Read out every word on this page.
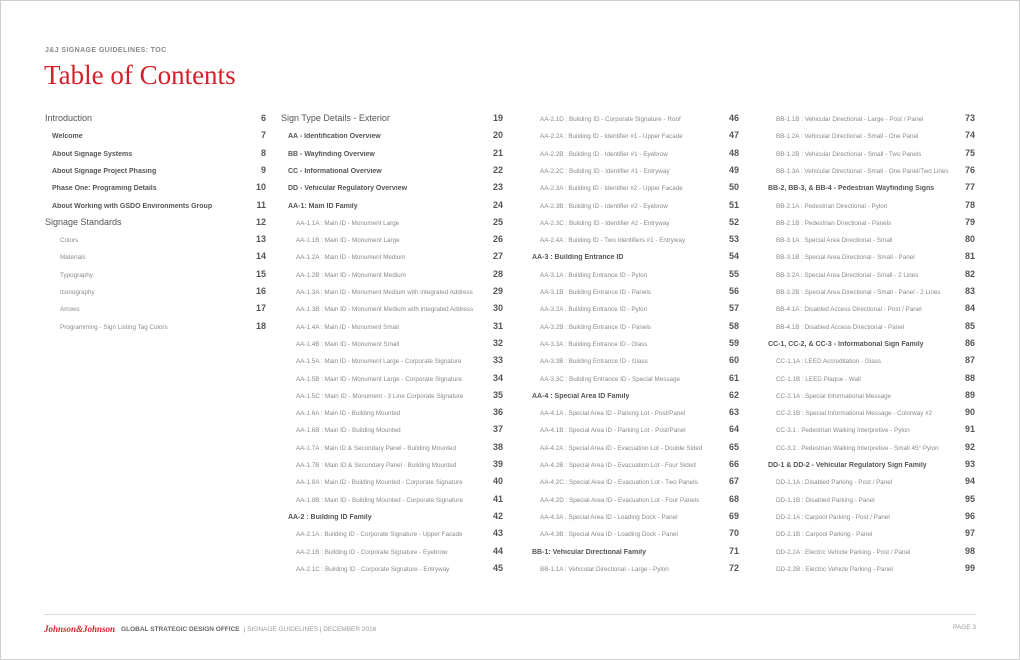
J&J SIGNAGE GUIDELINES: TOC
Table of Contents
Introduction	6
Welcome	7
About Signage Systems	8
About Signage Project Phasing	9
Phase One: Programing Details	10
About Working with GSDO Environments Group	11
Signage Standards	12
Colors	13
Materials	14
Typography	15
Iconography	16
Arrows	17
Programming - Sign Listing Tag Colors	18
Sign Type Details - Exterior	19
AA - Identification Overview	20
BB - Wayfinding Overview	21
CC - Informational Overview	22
DD - Vehicular Regulatory Overview	23
AA-1: Main ID Family	24
AA-1.1A : Main ID - Monument Large	25
AA-1.1B : Main ID - Monument Large	26
AA-1.2A : Main ID - Monument Medium	27
AA-1.2B : Main ID - Monument Medium	28
AA-1.3A : Main ID - Monument Medium with integrated Address	29
AA-1.3B : Main ID - Monument Medium with integrated Address	30
AA-1.4A : Main ID - Monument Small	31
AA-1.4B : Main ID - Monument Small	32
AA-1.5A : Main ID - Monument Large - Corporate Signature	33
AA-1.5B : Main ID - Monument Large - Corporate Signature	34
AA-1.5C : Main ID - Monument - 3 Line Corporate Signature	35
AA-1.6A : Main ID - Building Mounted	36
AA-1.6B : Main ID - Building Mounted	37
AA-1.7A : Main ID & Secondary Panel - Building Mounted	38
AA-1.7B : Main ID & Secondary Panel - Building Mounted	39
AA-1.8A : Main ID - Building Mounted - Corporate Signature	40
AA-1.8B : Main ID - Building Mounted - Corporate Signature	41
AA-2 : Building ID Family	42
AA-2.1A : Building ID - Corporate Signature - Upper Facade	43
AA-2.1B : Building ID - Corporate Signature - Eyebrow	44
AA-2.1C : Building ID - Corporate Signature - Entryway	45
AA-2.1D : Building ID - Corporate Signature - Roof	46
AA-2.2A : Building ID - Identifier #1 - Upper Facade	47
AA-2.2B : Building ID - Identifier #1 - Eyebrow	48
AA-2.2C : Building ID - Identifier #1 - Entryway	49
AA-2.3A : Building ID - Identifier #2 - Upper Facade	50
AA-2.3B : Building ID - Identifier #2 - Eyebrow	51
AA-2.3C : Building ID - Identifier #2 - Entryway	52
AA-2.4A : Building ID - Two Identifiers #1 - Entryway	53
AA-3 : Building Entrance ID	54
AA-3.1A : Building Entrance ID - Pylon	55
AA-3.1B : Building Entrance ID - Panels	56
AA-3.2A : Building Entrance ID - Pylon	57
AA-3.2B : Building Entrance ID - Panels	58
AA-3.3A : Building Entrance ID - Glass	59
AA-3.3B : Building Entrance ID - Glass	60
AA-3.3C : Building Entrance ID - Special Message	61
AA-4 : Special Area ID Family	62
AA-4.1A : Special Area ID - Parking Lot - Post/Panel	63
AA-4.1B : Special Area ID - Parking Lot - Post/Panel	64
AA-4.2A : Special Area ID - Evacuation Lot - Double Sided	65
AA-4.2B : Special Area ID - Evacuation Lot - Four Sided	66
AA-4.2C : Special Area ID - Evacuation Lot - Two Panels	67
AA-4.2D : Special Area ID - Evacuation Lot - Four Panels	68
AA-4.3A : Special Area ID - Loading Dock - Panel	69
AA-4.3B : Special Area ID - Loading Dock - Panel	70
BB-1: Vehicular Directional Family	71
BB-1.1A : Vehicular Directional - Large - Pylon	72
BB-1.1B : Vehicular Directional - Large - Post / Panel	73
BB-1.2A : Vehicular Directional - Small - One Panel	74
BB-1.2B : Vehicular Directional - Small - Two Panels	75
BB-1.3A : Vehicular Directional - Small - One Panel/Two Lines	76
BB-2, BB-3, & BB-4 - Pedestrian Wayfinding Signs	77
BB-2.1A : Pedestrian Directional - Pylon	78
BB-2.1B : Pedestrian Directional - Panels	79
BB-3.1A : Special Area Directional - Small	80
BB-3.1B : Special Area Directional - Small - Panel	81
BB-3.2A : Special Area Directional - Small - 2 Lines	82
BB-3.2B : Special Area Directional - Small - Panel - 2 Lines	83
BB-4.1A : Disabled Access Directional - Post / Panel	84
BB-4.1B : Disabled Access Directional - Panel	85
CC-1, CC-2, & CC-3 - Informational Sign Family	86
CC-1.1A : LEED Accreditation - Glass	87
CC-1.1B : LEED Plaque - Wall	88
CC-2.1A : Special Informational Message	89
CC-2.1B : Special Informational Message - Colorway #2	90
CC-3.1 : Pedestrian Walking Interpretive - Pylon	91
CC-3.2 : Pedestrian Walking Interpretive - Small 45° Pylon	92
DD-1 & DD-2 - Vehicular Regulatory Sign Family	93
DD-1.1A : Disabled Parking - Post / Panel	94
DD-1.1B : Disabled Parking - Panel	95
DD-2.1A : Carpool Parking - Post / Panel	96
DD-2.1B : Carpool Parking - Panel	97
DD-2.2A : Electric Vehicle Parking - Post / Panel	98
DD-2.2B : Electric Vehicle Parking - Panel	99
Johnson&Johnson GLOBAL STRATEGIC DESIGN OFFICE | SIGNAGE GUIDELINES | DECEMBER 2016	PAGE 3
